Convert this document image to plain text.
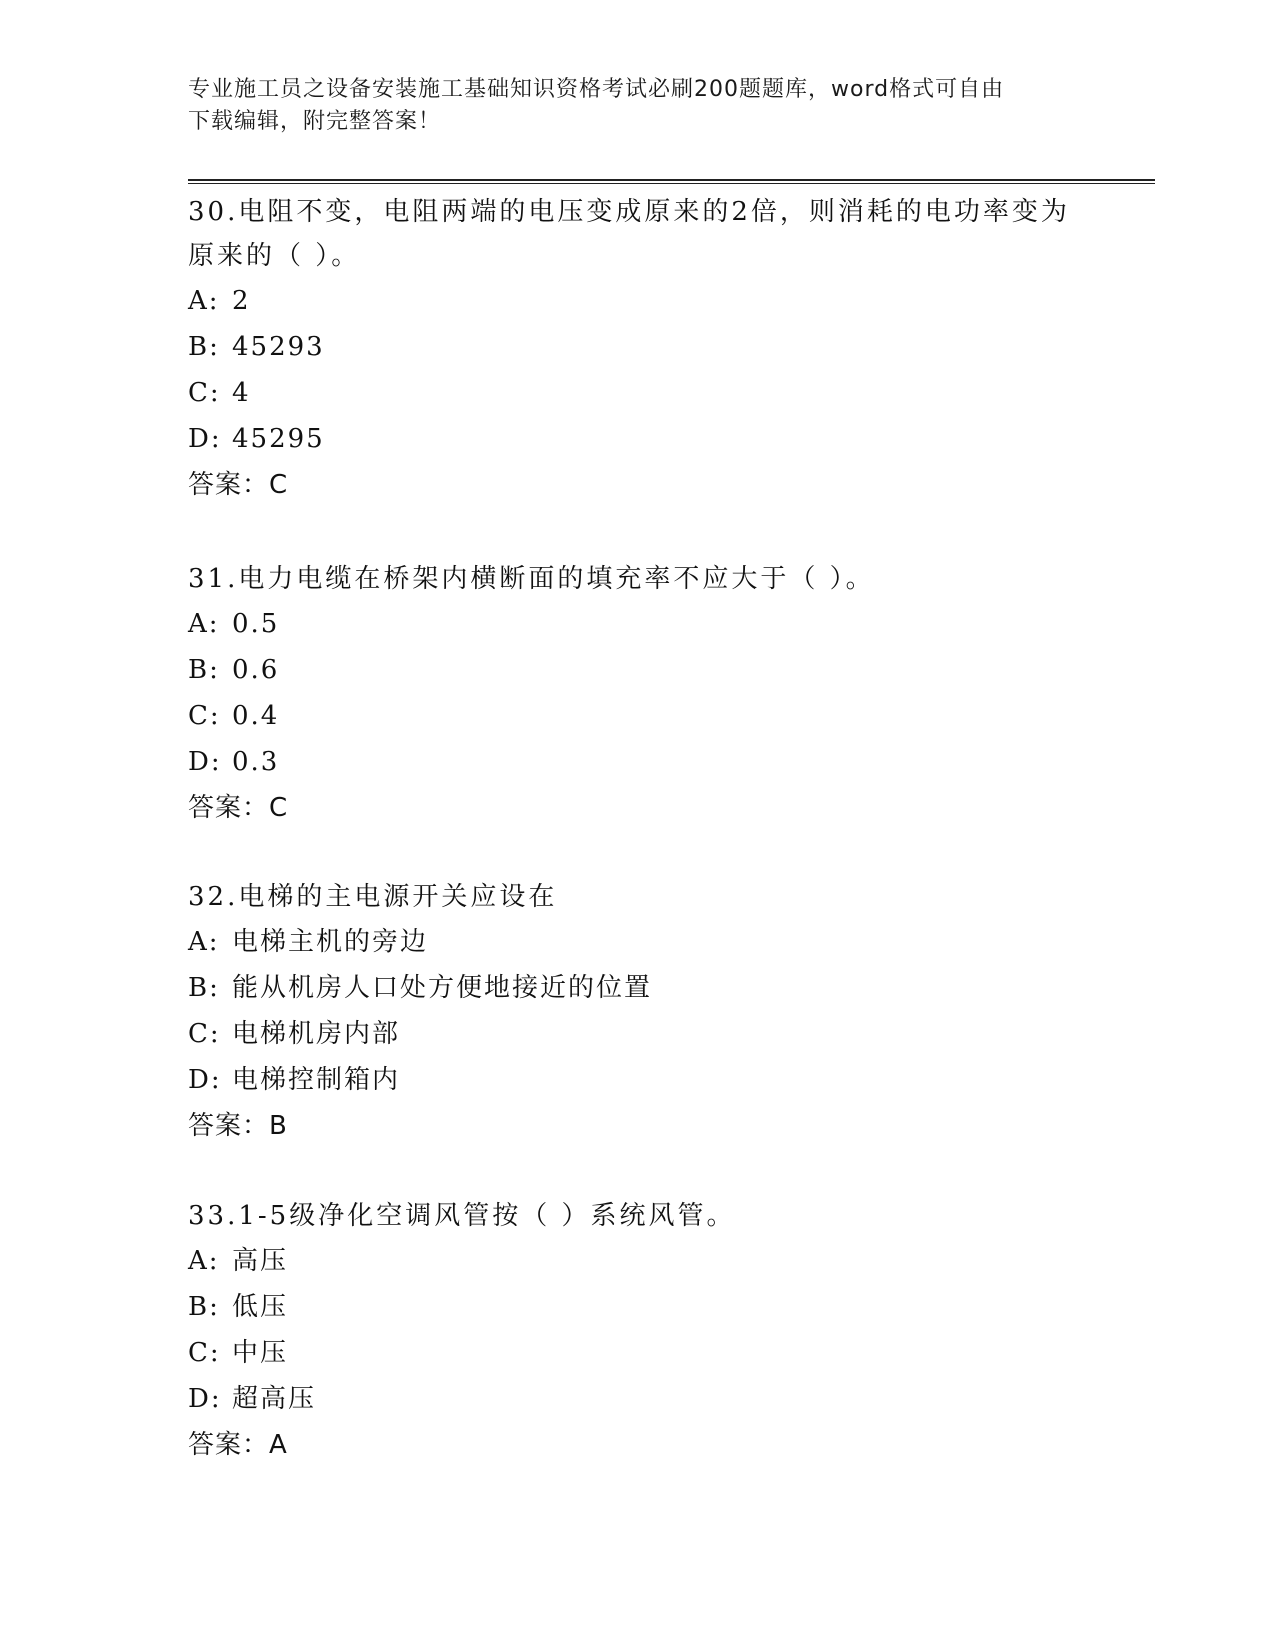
专业施工员之设备安装施工基础知识资格考试必刷200题题库，word格式可自由
下载编辑，附完整答案！

30.电阻不变，电阻两端的电压变成原来的2倍，则消耗的电功率变为

原来的（ ）。

A: 2

B: 45293

C: 4

D: 45295

答案：C

31.电力电缆在桥架内横断面的填充率不应大于（ ）。

A: 0.5

B: 0.6

C: 0.4

D: 0.3

答案：C

32.电梯的主电源开关应设在

A: 电梯主机的旁边

B: 能从机房人口处方便地接近的位置

C: 电梯机房内部

D: 电梯控制箱内

答案：B

33.1-5级净化空调风管按（ ）系统风管。

A: 高压

B: 低压

C: 中压

D: 超高压

答案：A
